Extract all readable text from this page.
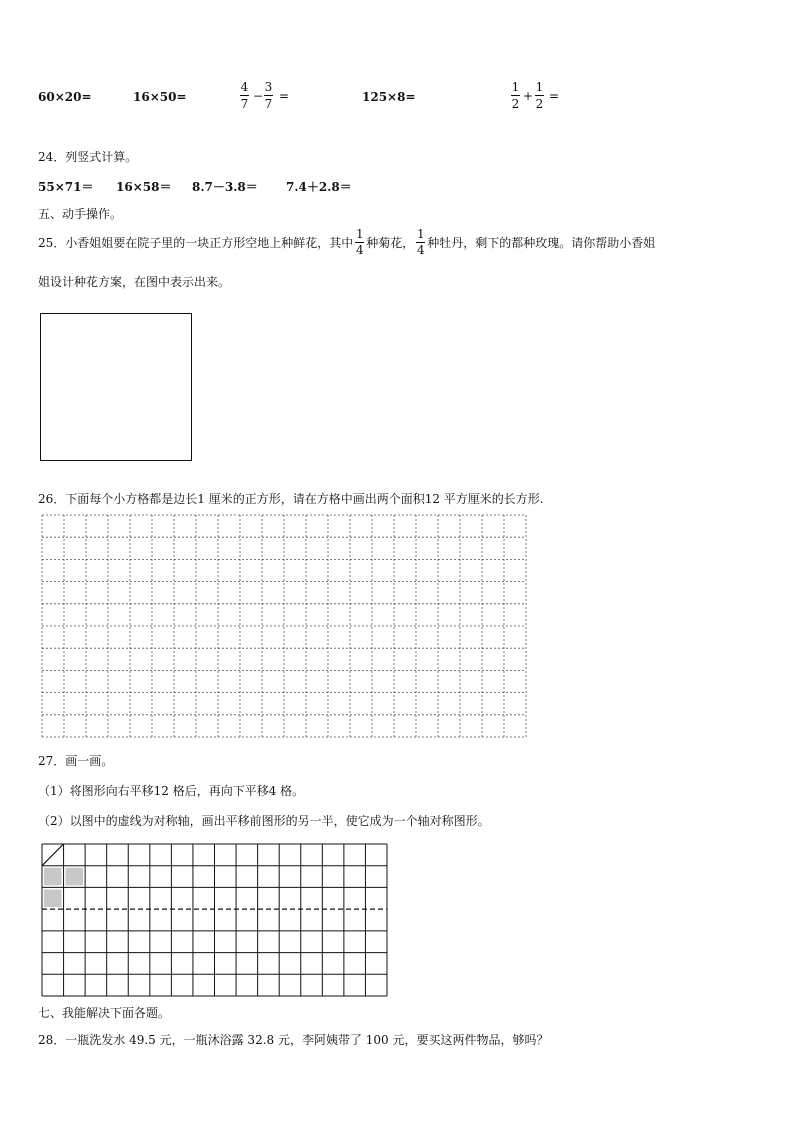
60×20=	16×50=
4
7
−
3
7
=	125×8=
1
2
+
1
2
=
24．列竖式计算。
55×71＝ 16×58＝ 8.7－3.8＝ 7.4＋2.8＝
五、动手操作。
25．小香姐姐要在院子里的一块正方形空地上种鲜花，其中 $\frac{1}{4}$ 种菊花， $\frac{1}{4}$ 种牡丹，剩下的都种玫瑰。请你帮助小香姐
姐设计种花方案，在图中表示出来。
26．下面每个小方格都是边长1 厘米的正方形，请在方格中画出两个面积12 平方厘米的长方形.
27．画一画。
（1）将图形向右平移12 格后，再向下平移4 格。
（2）以图中的虚线为对称轴，画出平移前图形的另一半，使它成为一个轴对称图形。
七、我能解决下面各题。
28．一瓶洗发水 49.5 元，一瓶沐浴露 32.8 元，李阿姨带了 100 元，要买这两件物品，够吗？
